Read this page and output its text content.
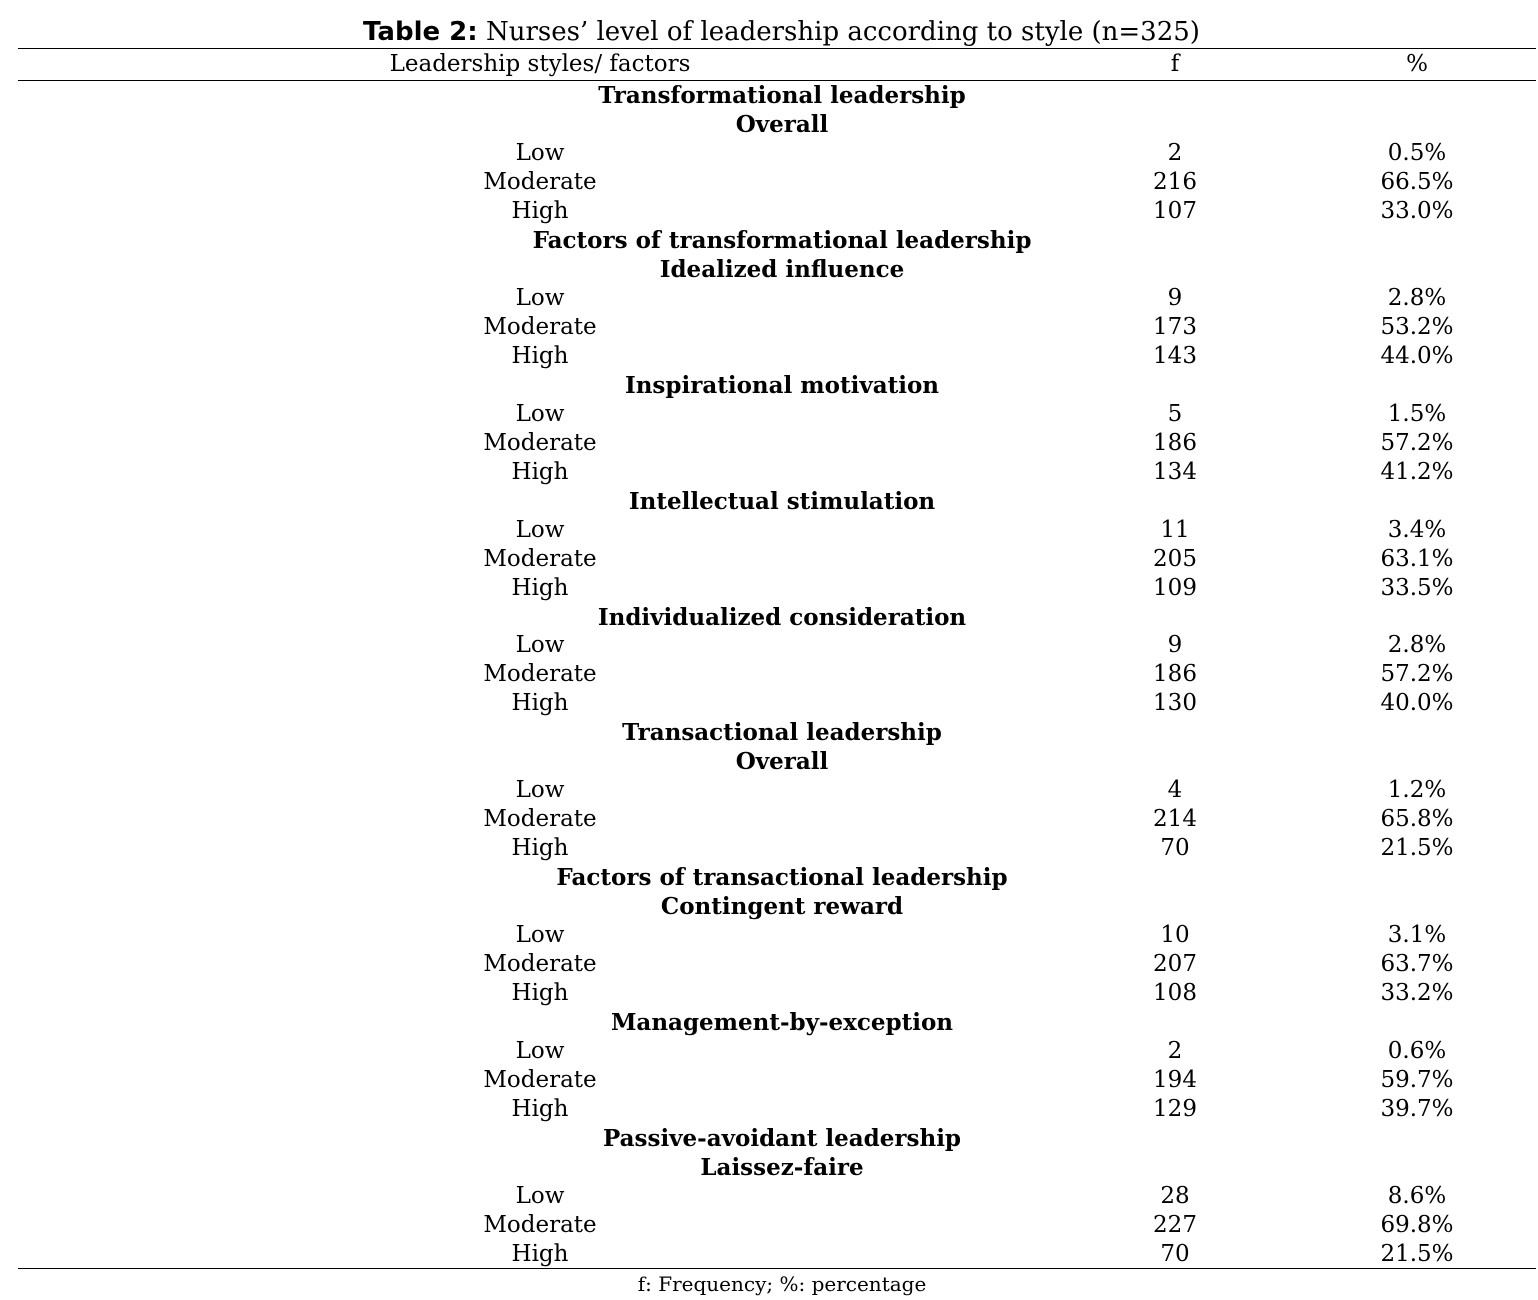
Table 2: Nurses’ level of leadership according to style (n=325)
Leadership styles/ factors	f	%
Transformational leadership
Overall
Low	2	0.5%
Moderate	216	66.5%
High	107	33.0%
Factors of transformational leadership
Idealized influence
Low	9	2.8%
Moderate	173	53.2%
High	143	44.0%
Inspirational motivation
Low	5	1.5%
Moderate	186	57.2%
High	134	41.2%
Intellectual stimulation
Low	11	3.4%
Moderate	205	63.1%
High	109	33.5%
Individualized consideration
Low	9	2.8%
Moderate	186	57.2%
High	130	40.0%
Transactional leadership
Overall
Low	4	1.2%
Moderate	214	65.8%
High	70	21.5%
Factors of transactional leadership
Contingent reward
Low	10	3.1%
Moderate	207	63.7%
High	108	33.2%
Management-by-exception
Low	2	0.6%
Moderate	194	59.7%
High	129	39.7%
Passive-avoidant leadership
Laissez-faire
Low	28	8.6%
Moderate	227	69.8%
High	70	21.5%
f: Frequency; %: percentage
